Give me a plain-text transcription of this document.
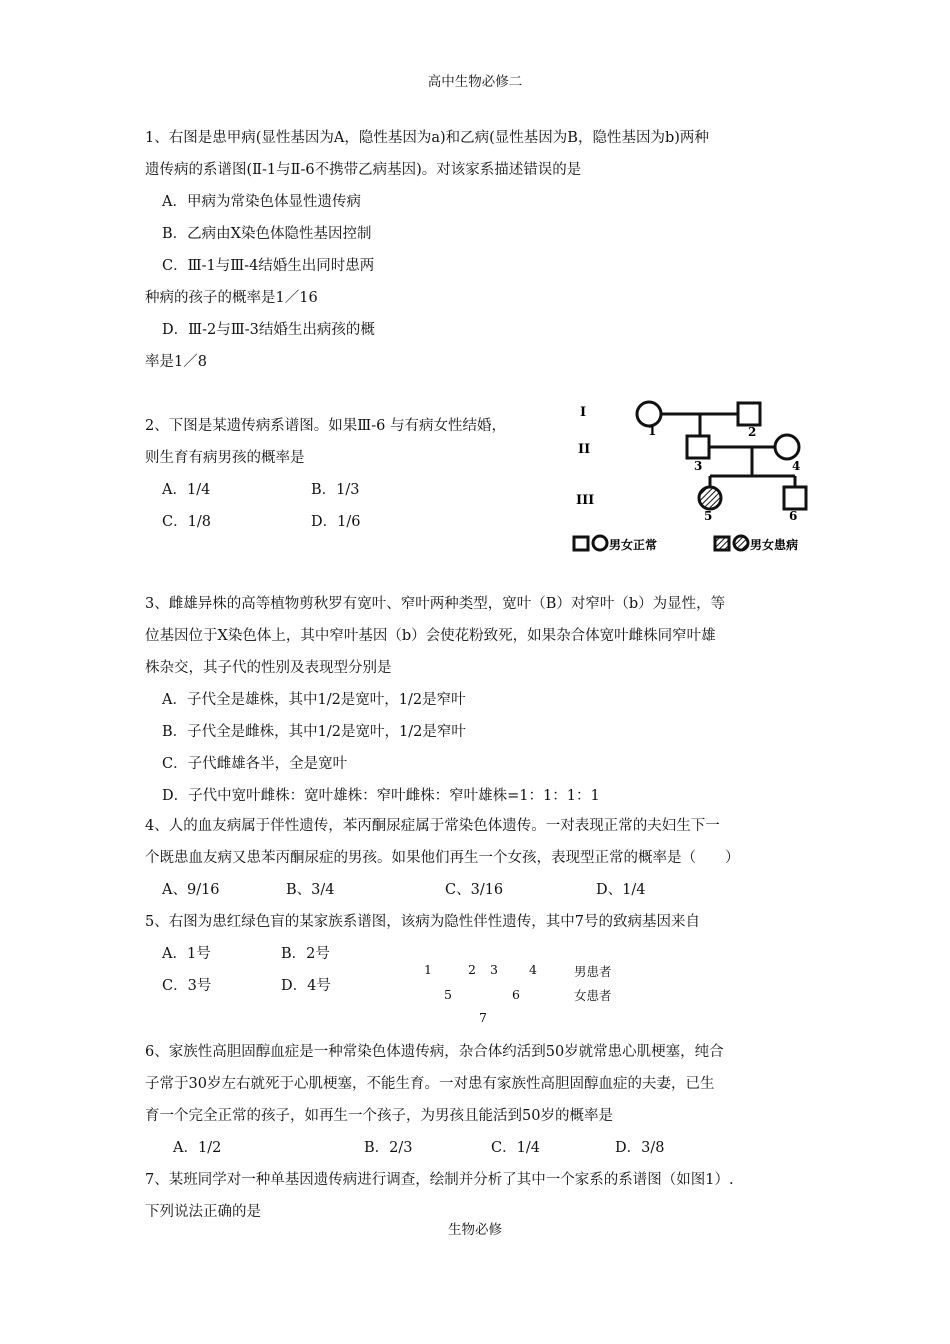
高中生物必修二
1、右图是患甲病(显性基因为A，隐性基因为a)和乙病(显性基因为B，隐性基因为b)两种
遗传病的系谱图(Ⅱ-1与Ⅱ-6不携带乙病基因)。对该家系描述错误的是
A．甲病为常染色体显性遗传病
B．乙病由X染色体隐性基因控制
C．Ⅲ-1与Ⅲ-4结婚生出同时患两
种病的孩子的概率是1／16
D．Ⅲ-2与Ⅲ-3结婚生出病孩的概
率是1／8
2、下图是某遗传病系谱图。如果Ⅲ-6 与有病女性结婚，
则生育有病男孩的概率是
A．1/4	B．1/3
C．1/8	D．1/6
I
II
III
1	2
3	4
5	6
男女正常	男女患病
3、雌雄异株的高等植物剪秋罗有宽叶、窄叶两种类型，宽叶（B）对窄叶（b）为显性，等
位基因位于X染色体上，其中窄叶基因（b）会使花粉致死，如果杂合体宽叶雌株同窄叶雄
株杂交，其子代的性别及表现型分别是
A．子代全是雄株，其中1/2是宽叶，1/2是窄叶
B．子代全是雌株，其中1/2是宽叶，1/2是窄叶
C．子代雌雄各半，全是宽叶
D．子代中宽叶雌株：宽叶雄株：窄叶雌株：窄叶雄株=1：1：1：1
4、人的血友病属于伴性遗传，苯丙酮尿症属于常染色体遗传。一对表现正常的夫妇生下一
个既患血友病又患苯丙酮尿症的男孩。如果他们再生一个女孩，表现型正常的概率是（　　）
A、9/16	B、3/4	C、3/16	D、1/4
5、右图为患红绿色盲的某家族系谱图，该病为隐性伴性遗传，其中7号的致病基因来自
A．1号	B．2号
C．3号	D．4号
1	2 3 4	男患者
5	6	女患者
7
6、家族性高胆固醇血症是一种常染色体遗传病，杂合体约活到50岁就常患心肌梗塞，纯合
子常于30岁左右就死于心肌梗塞，不能生育。一对患有家族性高胆固醇血症的夫妻，已生
育一个完全正常的孩子，如再生一个孩子，为男孩且能活到50岁的概率是
A．1/2	B．2/3	C．1/4	D．3/8
7、某班同学对一种单基因遗传病进行调查，绘制并分析了其中一个家系的系谱图（如图1）.
下列说法正确的是
生物必修
